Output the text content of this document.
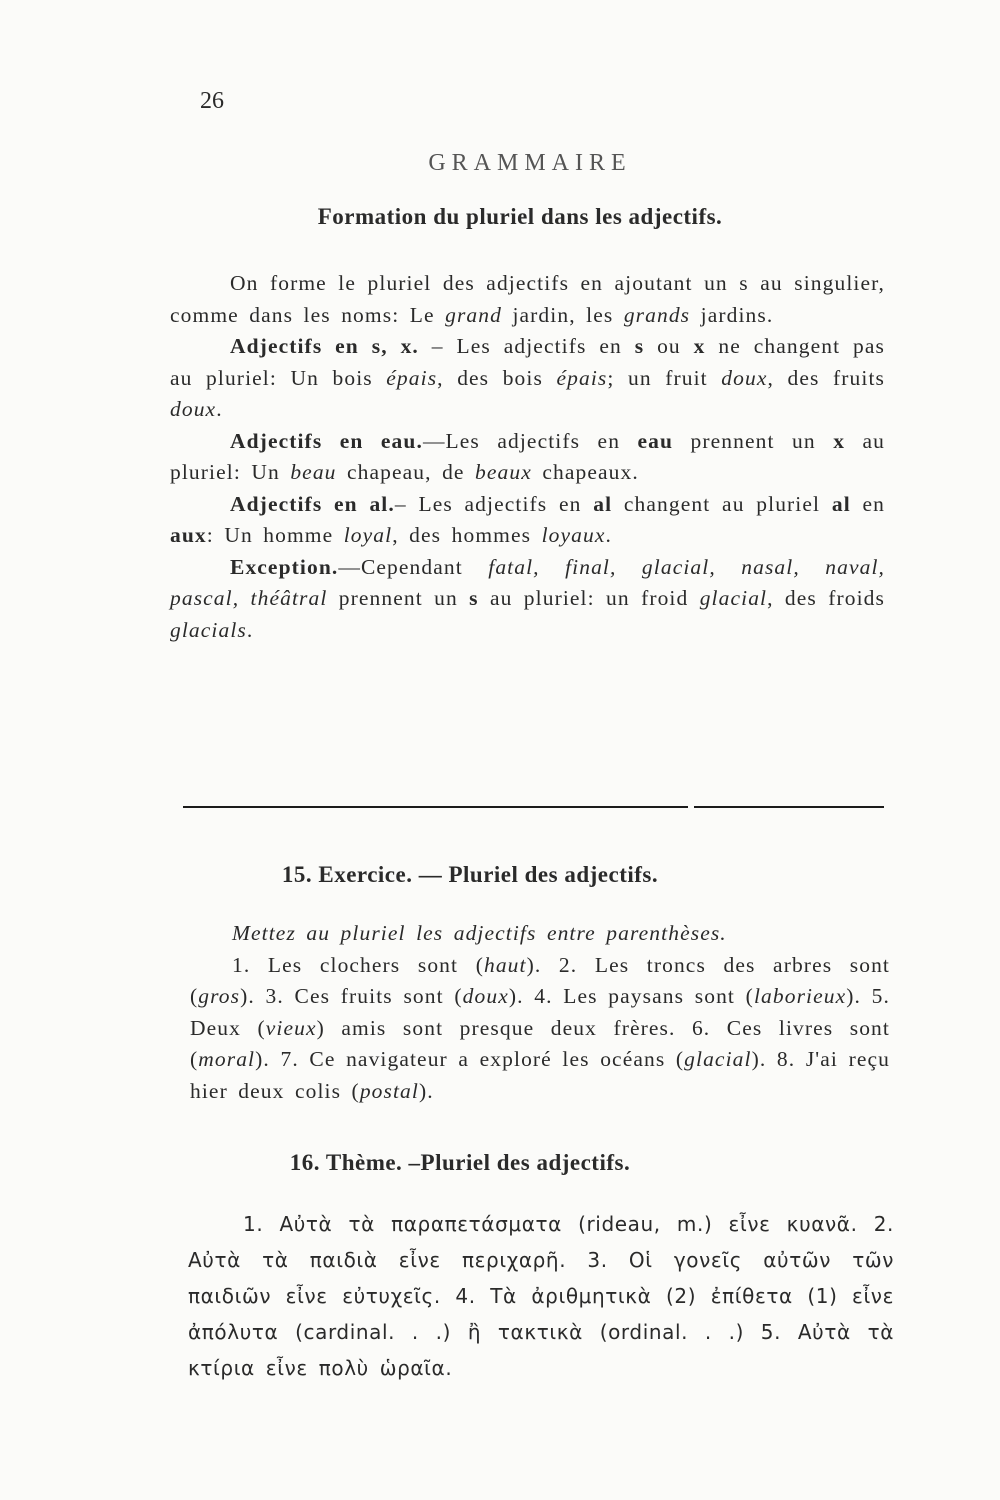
26
GRAMMAIRE
Formation du pluriel dans les adjectifs.

On forme le pluriel des adjectifs en ajoutant un s au singulier, comme dans les noms: Le grand jardin, les grands jardins.

Adjectifs en s, x. – Les adjectifs en s ou x ne changent pas au pluriel: Un bois épais, des bois épais; un fruit doux, des fruits doux.

Adjectifs en eau.—Les adjectifs en eau prennent un x au pluriel: Un beau chapeau, de beaux chapeaux.

Adjectifs en al.– Les adjectifs en al changent au pluriel al en aux: Un homme loyal, des hommes loyaux.

Exception.—Cependant fatal, final, glacial, nasal, naval, pascal, théâtral prennent un s au pluriel: un froid glacial, des froids glacials.

15. Exercice. — Pluriel des adjectifs.

Mettez au pluriel les adjectifs entre parenthèses.

1. Les clochers sont (haut). 2. Les troncs des arbres sont (gros). 3. Ces fruits sont (doux). 4. Les paysans sont (laborieux). 5. Deux (vieux) amis sont presque deux frères. 6. Ces livres sont (moral). 7. Ce navigateur a exploré les océans (glacial). 8. J'ai reçu hier deux colis (postal).

16. Thème. –Pluriel des adjectifs.

1. Αὐτὰ τὰ παραπετάσματα (rideau, m.) εἶνε κυανᾶ. 2. Αὐτὰ τὰ παιδιὰ εἶνε περιχαρῆ. 3. Οἱ γονεῖς αὐτῶν τῶν παιδιῶν εἶνε εὐτυχεῖς. 4. Τὰ ἀριθμητικὰ (2) ἐπίθετα (1) εἶνε ἀπόλυτα (cardinal. . .) ἢ τακτικὰ (ordinal. . .) 5. Αὐτὰ τὰ κτίρια εἶνε πολὺ ὡραῖα.
